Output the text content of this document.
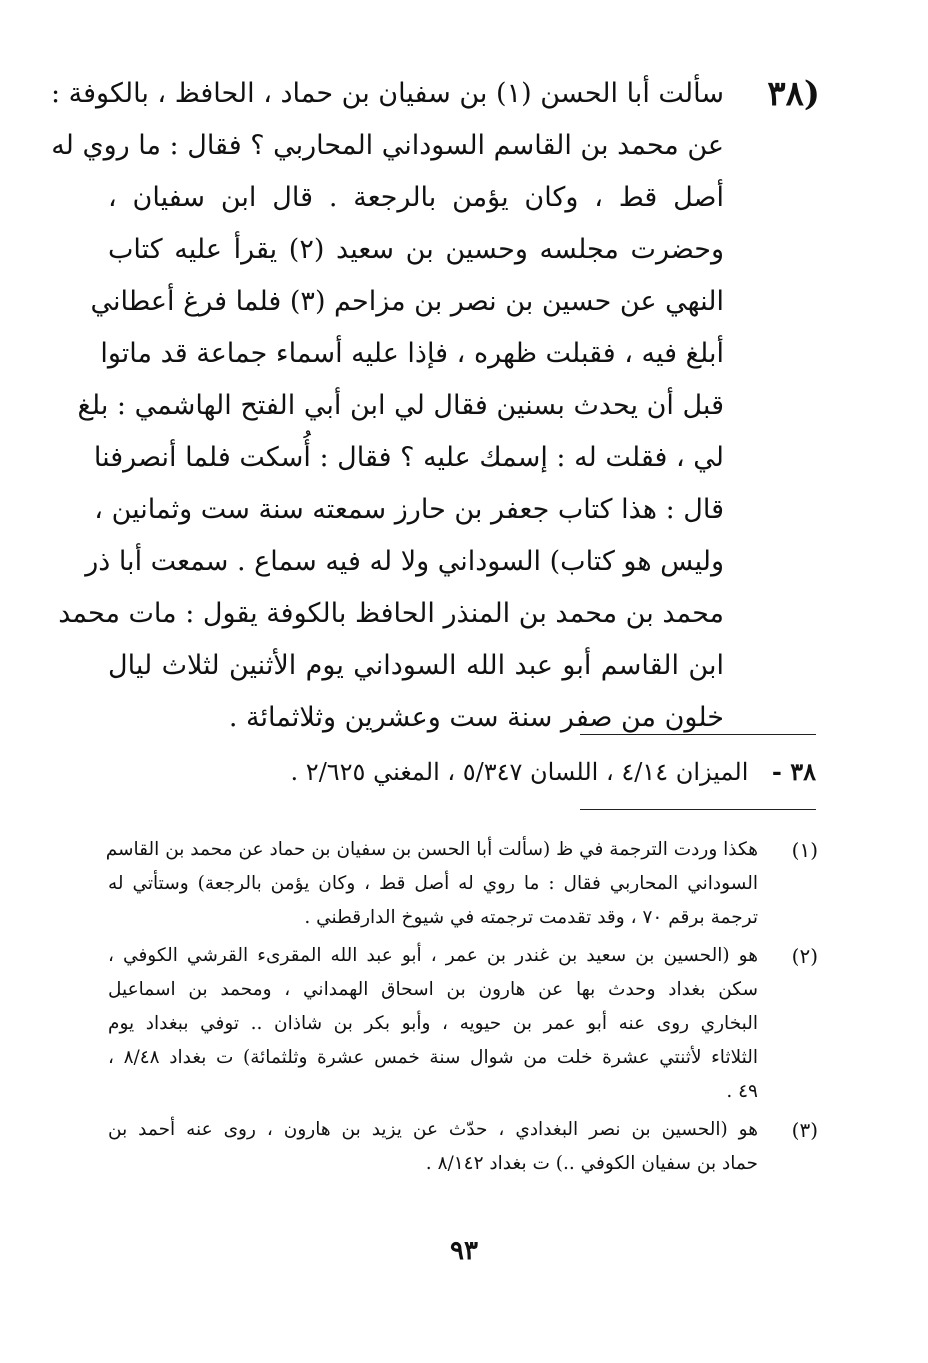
(٣٨
سألت أبا الحسن (١) بن سفيان بن حماد ، الحافظ ، بالكوفة :
عن محمد بن القاسم السوداني المحاربي ؟ فقال : ما روي له
أصل قط ، وكان يؤمن بالرجعة . قال ابن سفيان ،
وحضرت مجلسه وحسين بن سعيد (٢) يقرأ عليه كتاب
النهي عن حسين بن نصر بن مزاحم (٣) فلما فرغ أعطاني
أبلغ فيه ، فقبلت ظهره ، فإذا عليه أسماء جماعة قد ماتوا
قبل أن يحدث بسنين فقال لي ابن أبي الفتح الهاشمي : بلغ
لي ، فقلت له : إسمك عليه ؟ فقال : أُسكت فلما أنصرفنا
قال : هذا كتاب جعفر بن حارز سمعته سنة ست وثمانين ،
وليس هو كتاب) السوداني ولا له فيه سماع . سمعت أبا ذر
محمد بن محمد بن المنذر الحافظ بالكوفة يقول : مات محمد
ابن القاسم أبو عبد الله السوداني يوم الأثنين لثلاث ليال
خلون من صفر سنة ست وعشرين وثلاثمائة .
٣٨ - الميزان ٤/١٤ ، اللسان ٥/٣٤٧ ، المغني ٢/٦٢٥ .
(١)
هكذا وردت الترجمة في ظ (سألت أبا الحسن بن سفيان بن حماد عن محمد بن القاسم
السوداني المحاربي فقال : ما روي له أصل قط ، وكان يؤمن بالرجعة) وستأتي له
ترجمة برقم ٧٠ ، وقد تقدمت ترجمته في شيوخ الدارقطني .
(٢)
هو (الحسين بن سعيد بن غندر بن عمر ، أبو عبد الله المقرىء القرشي الكوفي ،
سكن بغداد وحدث بها عن هارون بن اسحاق الهمداني ، ومحمد بن اسماعيل
البخاري روى عنه أبو عمر بن حيويه ، وأبو بكر بن شاذان .. توفي ببغداد يوم
الثلاثاء لأثنتي عشرة خلت من شوال سنة خمس عشرة وثلثمائة) ت بغداد ٨/٤٨ ،
٤٩ .
(٣)
هو (الحسين بن نصر البغدادي ، حدّث عن يزيد بن هارون ، روى عنه أحمد بن
حماد بن سفيان الكوفي ..) ت بغداد ٨/١٤٢ .
٩٣
